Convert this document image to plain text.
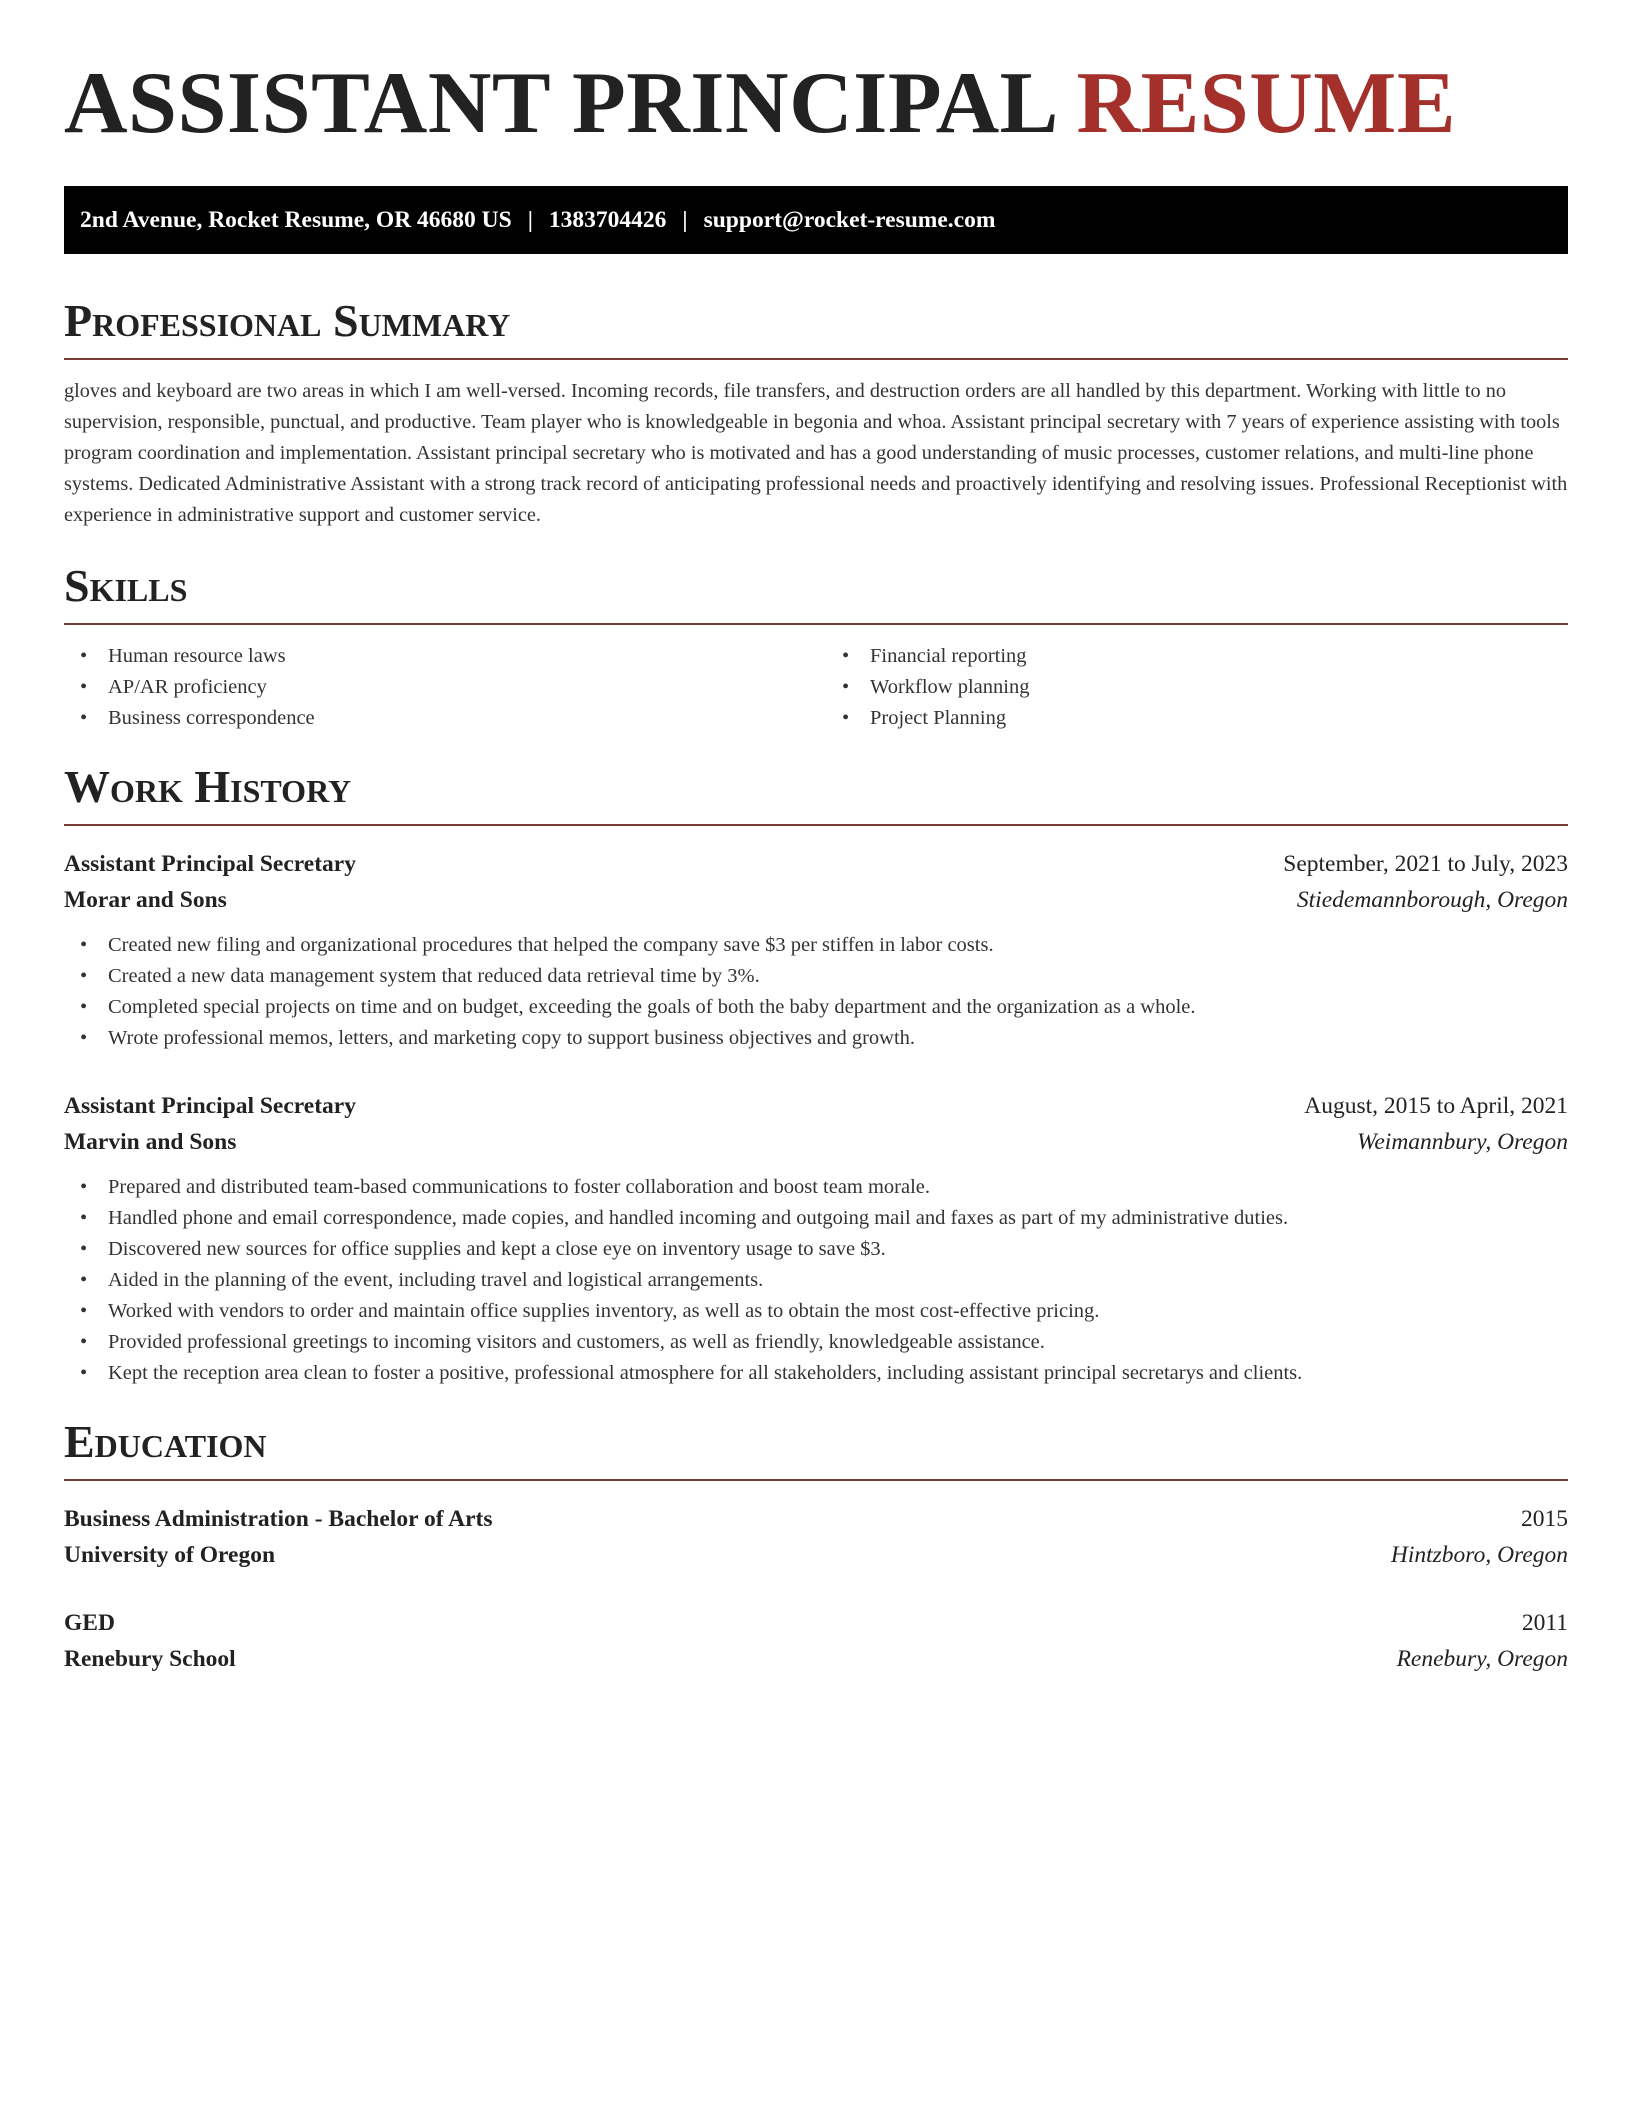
ASSISTANT PRINCIPAL RESUME
2nd Avenue, Rocket Resume, OR 46680 US | 1383704426 | support@rocket-resume.com
Professional Summary

gloves and keyboard are two areas in which I am well-versed. Incoming records, file transfers, and destruction orders are all handled by this department. Working with little to no supervision, responsible, punctual, and productive. Team player who is knowledgeable in begonia and whoa. Assistant principal secretary with 7 years of experience assisting with tools program coordination and implementation. Assistant principal secretary who is motivated and has a good understanding of music processes, customer relations, and multi-line phone systems. Dedicated Administrative Assistant with a strong track record of anticipating professional needs and proactively identifying and resolving issues. Professional Receptionist with experience in administrative support and customer service.

Skills
• Human resource laws
• AP/AR proficiency
• Business correspondence
• Financial reporting
• Workflow planning
• Project Planning
Work History
Assistant Principal Secretary	September, 2021 to July, 2023
Morar and Sons	Stiedemannborough, Oregon
• Created new filing and organizational procedures that helped the company save $3 per stiffen in labor costs.
• Created a new data management system that reduced data retrieval time by 3%.
• Completed special projects on time and on budget, exceeding the goals of both the baby department and the organization as a whole.
• Wrote professional memos, letters, and marketing copy to support business objectives and growth.
Assistant Principal Secretary	August, 2015 to April, 2021
Marvin and Sons	Weimannbury, Oregon
• Prepared and distributed team-based communications to foster collaboration and boost team morale.
• Handled phone and email correspondence, made copies, and handled incoming and outgoing mail and faxes as part of my administrative duties.
• Discovered new sources for office supplies and kept a close eye on inventory usage to save $3.
• Aided in the planning of the event, including travel and logistical arrangements.
• Worked with vendors to order and maintain office supplies inventory, as well as to obtain the most cost-effective pricing.
• Provided professional greetings to incoming visitors and customers, as well as friendly, knowledgeable assistance.
• Kept the reception area clean to foster a positive, professional atmosphere for all stakeholders, including assistant principal secretarys and clients.
Education
Business Administration - Bachelor of Arts	2015
University of Oregon	Hintzboro, Oregon
GED	2011
Renebury School	Renebury, Oregon
